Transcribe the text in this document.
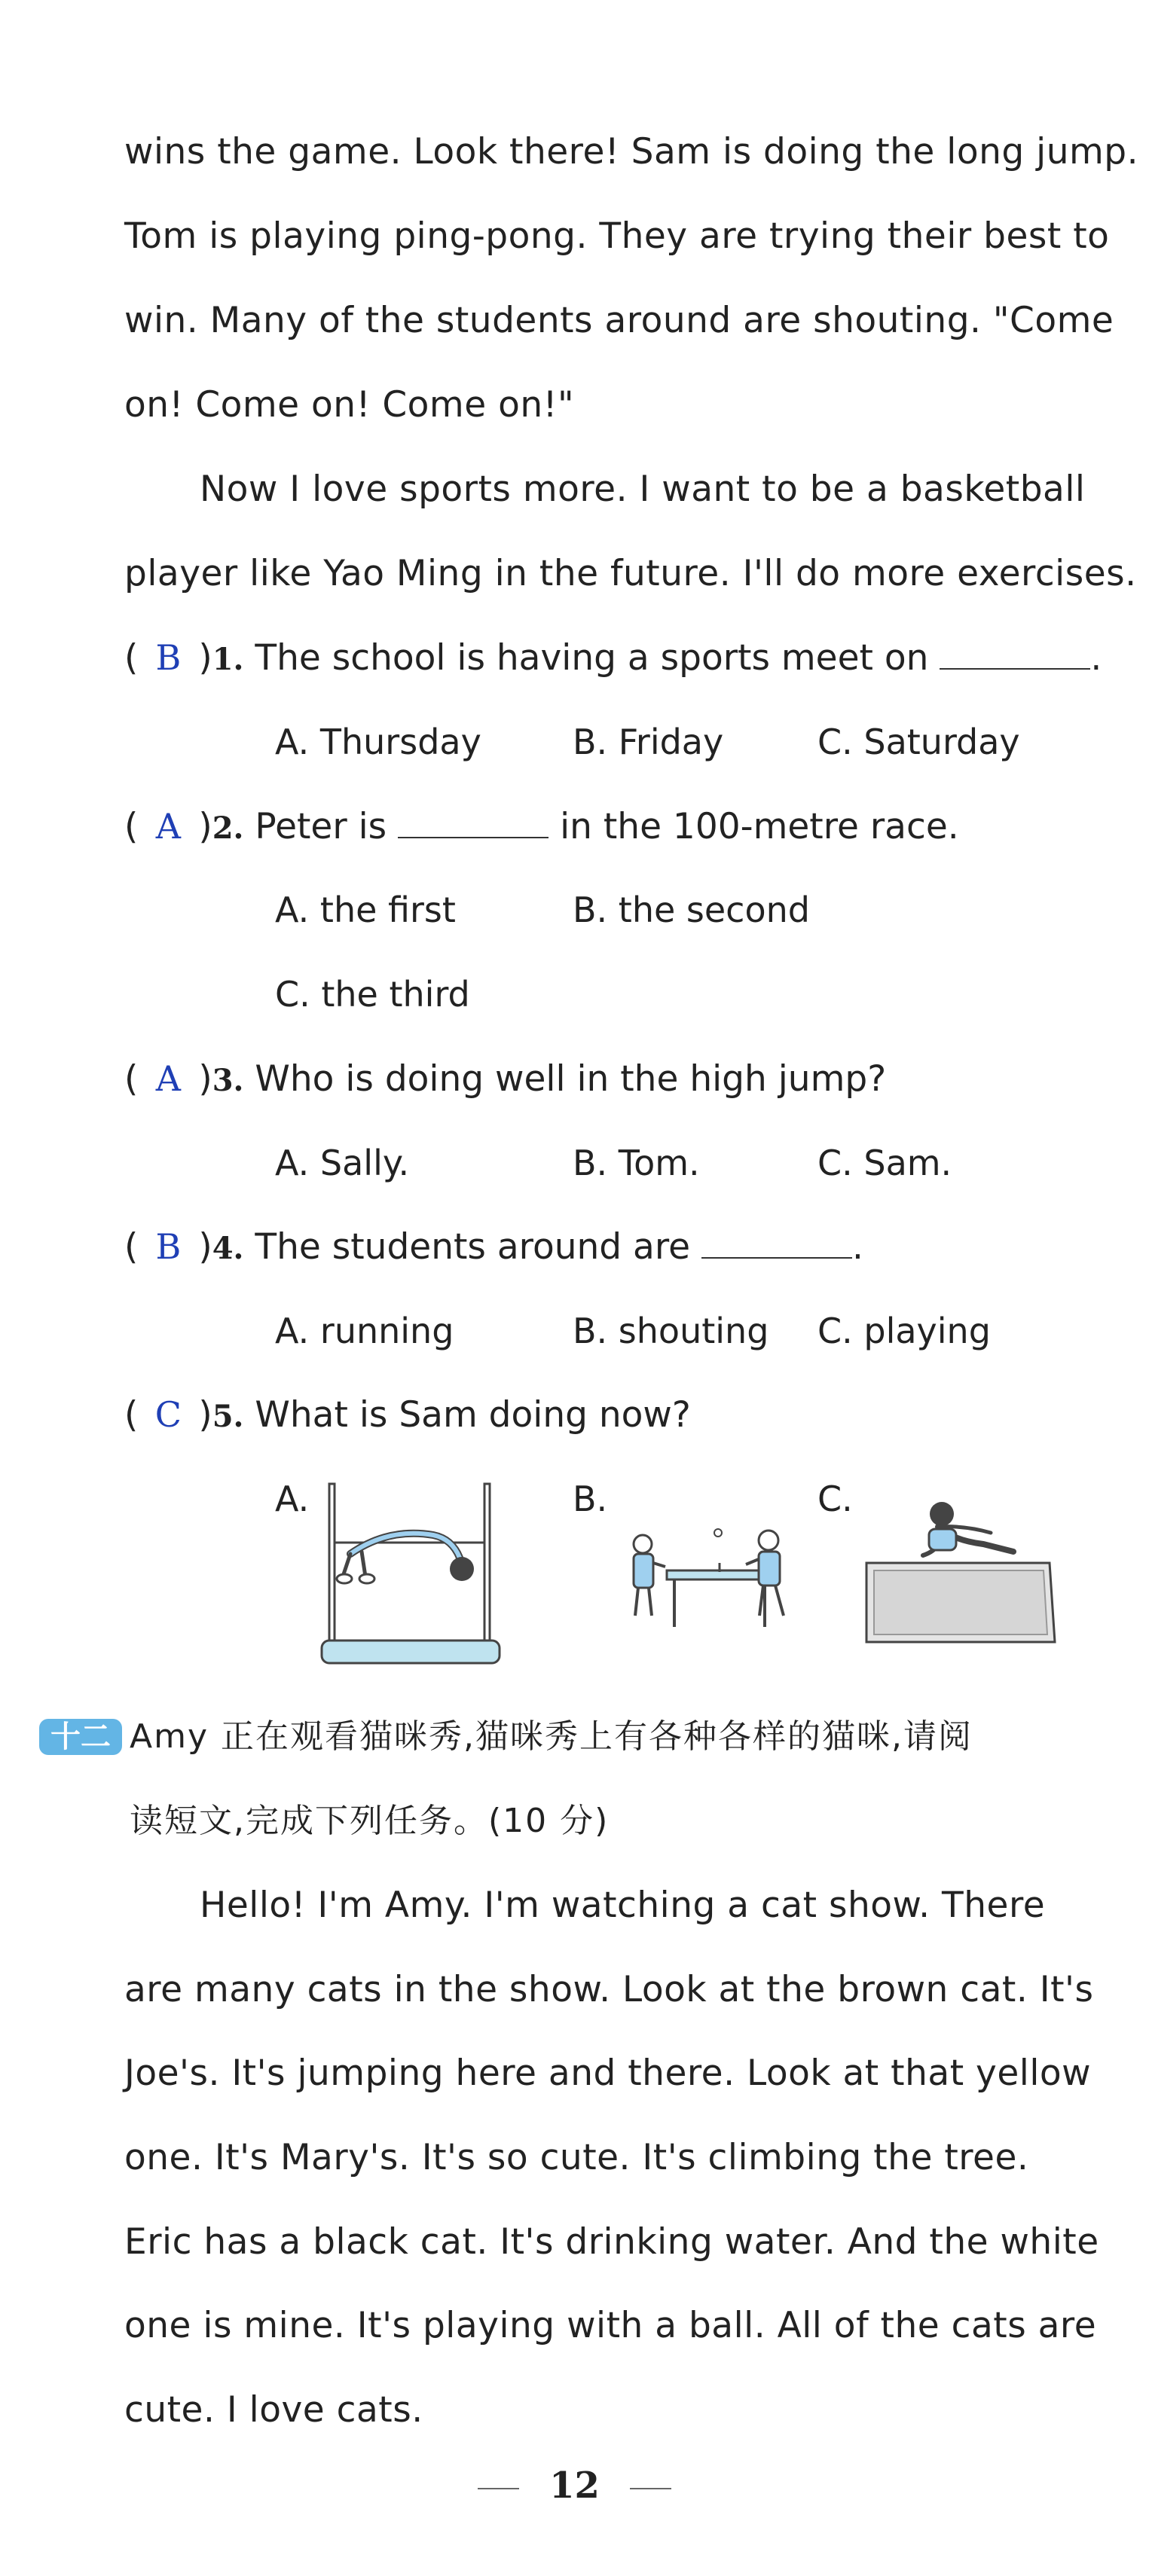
wins the game. Look there! Sam is doing the long jump.
Tom is playing ping-pong. They are trying their best to
win. Many of the students around are shouting. "Come
on! Come on! Come on!"
Now I love sports more. I want to be a basketball
player like Yao Ming in the future. I'll do more exercises.
( B )1. The school is having a sports meet on	.
A. Thursday	B. Friday	C. Saturday
( A )2. Peter is	in the 100-metre race.
A. the first	B. the second
C. the third
( A )3. Who is doing well in the high jump?
A. Sally.	B. Tom.	C. Sam.
( B )4. The students around are	.
A. running	B. shouting C. playing
( C )5. What is Sam doing now?
A.	B.	C.
十二 Amy 正在观看猫咪秀,猫咪秀上有各种各样的猫咪,请阅
读短文,完成下列任务。(10 分)
Hello! I'm Amy. I'm watching a cat show. There
are many cats in the show. Look at the brown cat. It's
Joe's. It's jumping here and there. Look at that yellow
one. It's Mary's. It's so cute. It's climbing the tree.
Eric has a black cat. It's drinking water. And the white
one is mine. It's playing with a ball. All of the cats are
cute. I love cats.
12
